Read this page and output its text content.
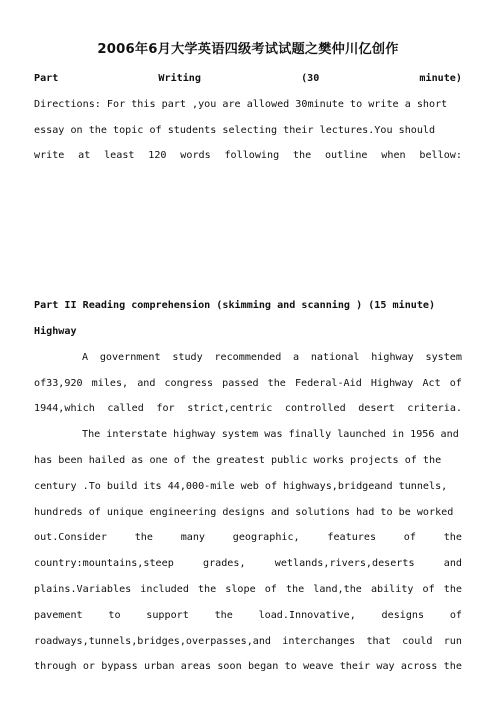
2006年6月大学英语四级考试试题之樊仲川亿创作
Part	Writing	(30	minute)
Directions: For this part ,you are allowed 30minute to write a short
essay on the topic of students selecting their lectures.You should
write at least 120 words following the outline when bellow:
Part II Reading comprehension (skimming and scanning ) (15 minute)
Highway
A government study recommended a national highway system
of33,920 miles, and congress passed the Federal-Aid Highway Act of
1944,which called for strict,centric controlled desert criteria.
The interstate highway system was finally launched in 1956 and
has been hailed as one of the greatest public works projects of the
century .To build its 44,000-mile web of highways,bridgeand tunnels,
hundreds of unique engineering designs and solutions had to be worked
out.Consider	the	many	geographic,	features	of	the
country:mountains,steep	grades,	wetlands,rivers,deserts	and
plains.Variables included the slope of the land,the ability of the
pavement	to	support	the	load.Innovative,	designs	of
roadways,tunnels,bridges,overpasses,and interchanges that could run
through or bypass urban areas soon began to weave their way across the
